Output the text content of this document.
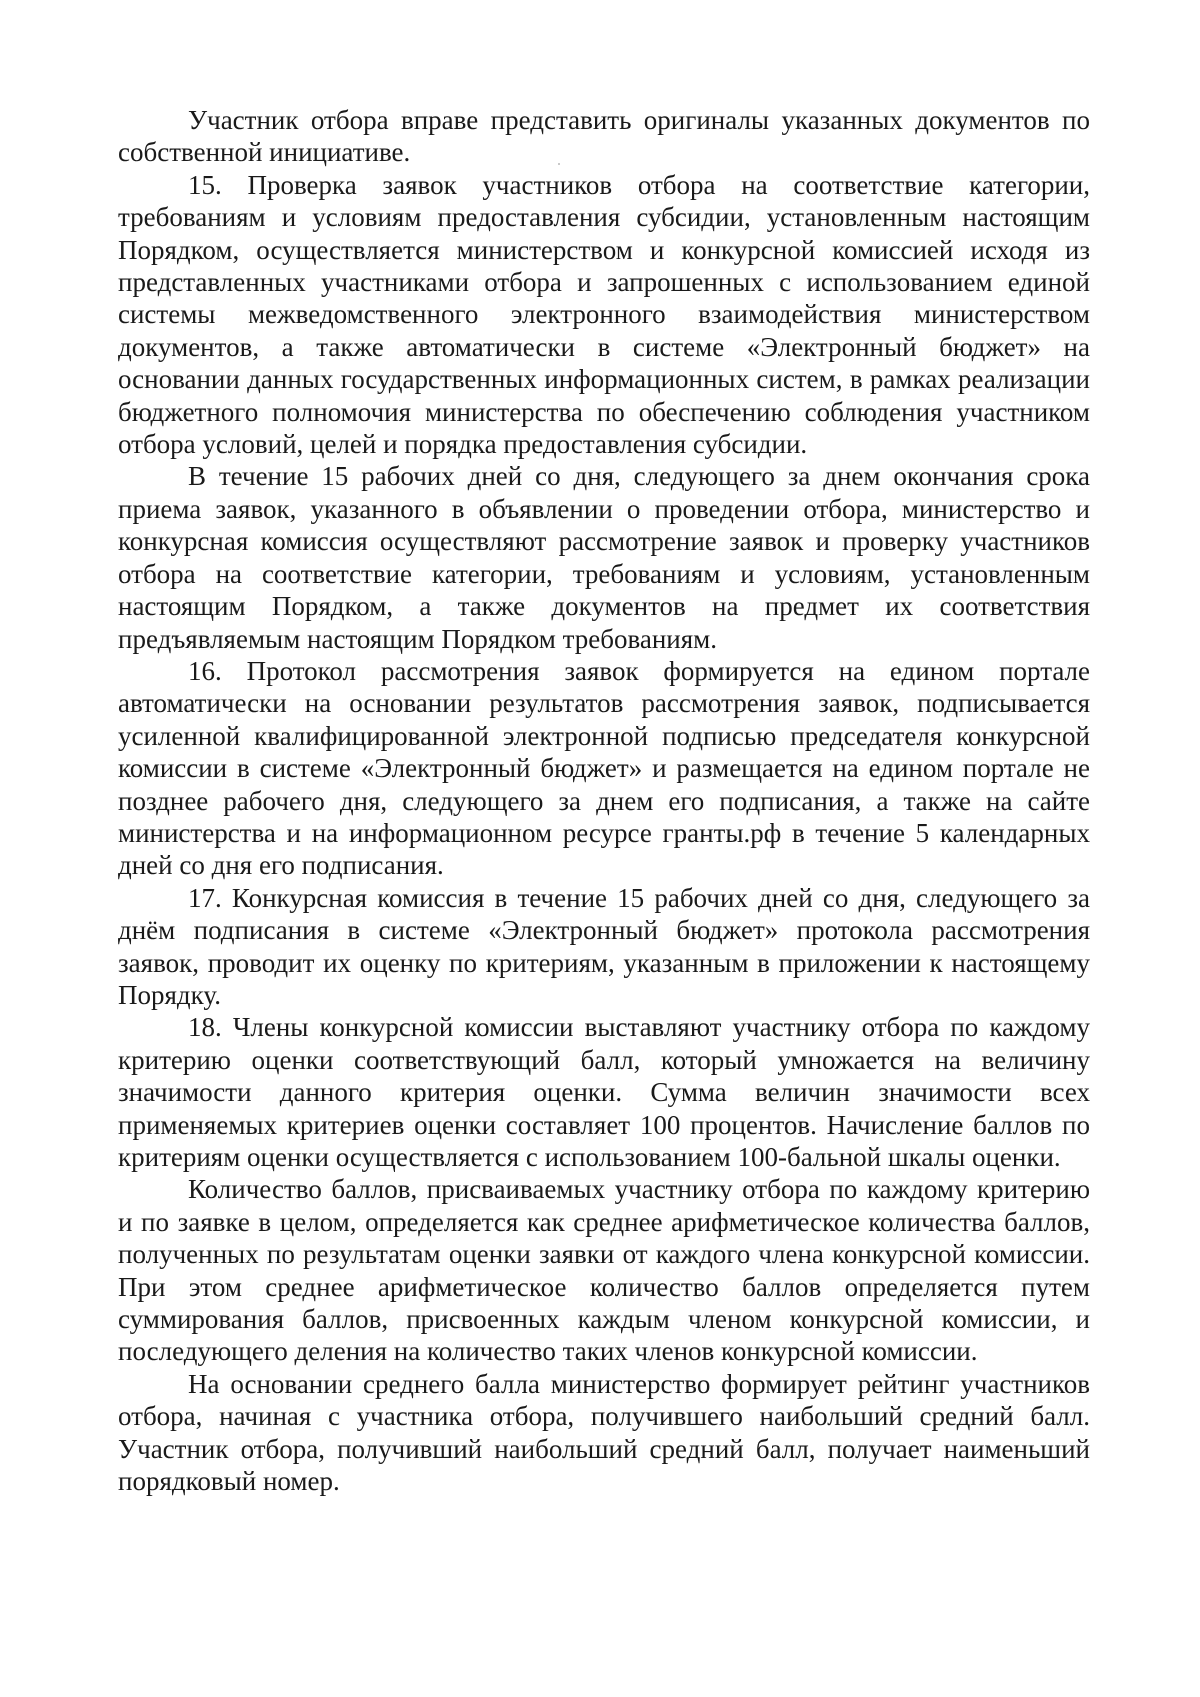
Участник отбора вправе представить оригиналы указанных документов по собственной инициативе.

15. Проверка заявок участников отбора на соответствие категории, требованиям и условиям предоставления субсидии, установленным настоящим Порядком, осуществляется министерством и конкурсной комиссией исходя из представленных участниками отбора и запрошенных с использованием единой системы межведомственного электронного взаимодействия министерством документов, а также автоматически в системе «Электронный бюджет» на основании данных государственных информационных систем, в рамках реализации бюджетного полномочия министерства по обеспечению соблюдения участником отбора условий, целей и порядка предоставления субсидии.

В течение 15 рабочих дней со дня, следующего за днем окончания срока приема заявок, указанного в объявлении о проведении отбора, министерство и конкурсная комиссия осуществляют рассмотрение заявок и проверку участников отбора на соответствие категории, требованиям и условиям, установленным настоящим Порядком, а также документов на предмет их соответствия предъявляемым настоящим Порядком требованиям.

16. Протокол рассмотрения заявок формируется на едином портале автоматически на основании результатов рассмотрения заявок, подписывается усиленной квалифицированной электронной подписью председателя конкурсной комиссии в системе «Электронный бюджет» и размещается на едином портале не позднее рабочего дня, следующего за днем его подписания, а также на сайте министерства и на информационном ресурсе гранты.рф в течение 5 календарных дней со дня его подписания.

17. Конкурсная комиссия в течение 15 рабочих дней со дня, следующего за днём подписания в системе «Электронный бюджет» протокола рассмотрения заявок, проводит их оценку по критериям, указанным в приложении к настоящему Порядку.

18. Члены конкурсной комиссии выставляют участнику отбора по каждому критерию оценки соответствующий балл, который умножается на величину значимости данного критерия оценки. Сумма величин значимости всех применяемых критериев оценки составляет 100 процентов. Начисление баллов по критериям оценки осуществляется с использованием 100-бальной шкалы оценки.

Количество баллов, присваиваемых участнику отбора по каждому критерию и по заявке в целом, определяется как среднее арифметическое количества баллов, полученных по результатам оценки заявки от каждого члена конкурсной комиссии. При этом среднее арифметическое количество баллов определяется путем суммирования баллов, присвоенных каждым членом конкурсной комиссии, и последующего деления на количество таких членов конкурсной комиссии.

На основании среднего балла министерство формирует рейтинг участников отбора, начиная с участника отбора, получившего наибольший средний балл. Участник отбора, получивший наибольший средний балл, получает наименьший порядковый номер.
